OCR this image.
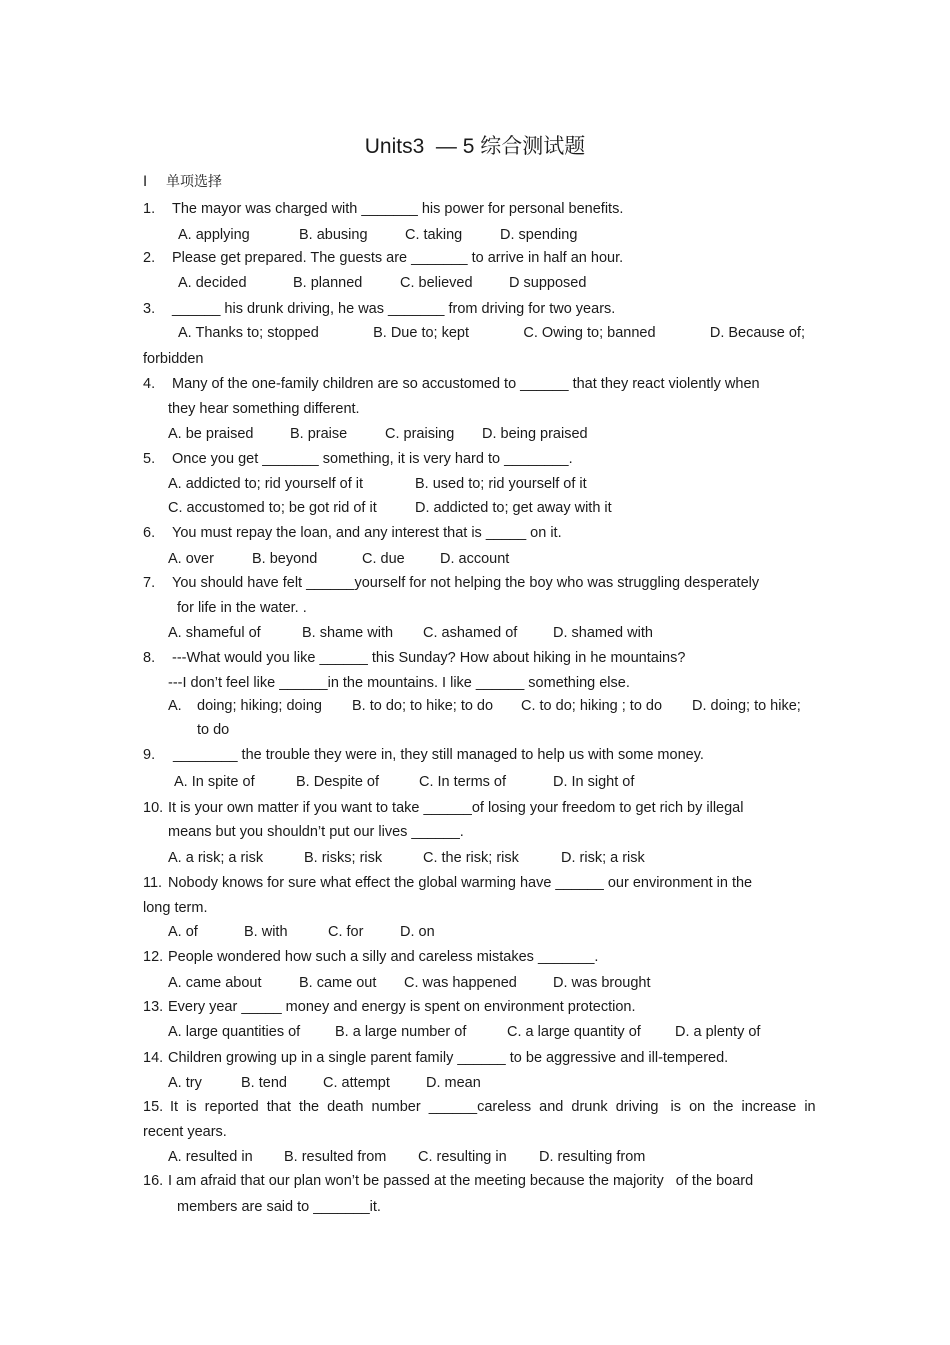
Units3  — 5 综合测试题
I 单项选择
1. The mayor was charged with _______ his power for personal benefits.
A. applying	B. abusing	C. taking	D. spending
2. Please get prepared. The guests are _______ to arrive in half an hour.
A. decided	B. planned	C. believed	D supposed
3. ______ his drunk driving, he was _______ from driving for two years.
A. Thanks to; stopped	B. Due to; kept	C. Owing to; banned	D. Because of;
forbidden
4. Many of the one-family children are so accustomed to ______ that they react violently when
they hear something different.
A. be praised	B. praise	C. praising D. being praised
5. Once you get _______ something, it is very hard to ________.
A. addicted to; rid yourself of it	B. used to; rid yourself of it
C. accustomed to; be got rid of it	D. addicted to; get away with it
6. You must repay the loan, and any interest that is _____ on it.
A. over	B. beyond	C. due D. account
7. You should have felt ______yourself for not helping the boy who was struggling desperately
for life in the water. .
A. shameful of	B. shame with C. ashamed of D. shamed with
8. ---What would you like ______ this Sunday? How about hiking in he mountains?
---I don’t feel like ______in the mountains. I like ______ something else.
A. doing; hiking; doing B. to do; to hike; to do C. to do; hiking ; to do D. doing; to hike;
to do
9. ________ the trouble they were in, they still managed to help us with some money.
A. In spite of	B. Despite of	C. In terms of	D. In sight of
10. It is your own matter if you want to take ______of losing your freedom to get rich by illegal
means but you shouldn’t put our lives ______.
A. a risk; a risk	B. risks; risk	C. the risk; risk	D. risk; a risk
11. Nobody knows for sure what effect the global warming have ______ our environment in the
long term.
A. of	B. with	C. for	D. on
12. People wondered how such a silly and careless mistakes _______.
A. came about	B. came out C. was happened D. was brought
13. Every year _____ money and energy is spent on environment protection.
A. large quantities of B. a large number of	C. a large quantity of D. a plenty of
14. Children growing up in a single parent family ______ to be aggressive and ill-tempered.
A. try	B. tend C. attempt D. mean
15. It  is  reported  that  the  death  number  ______careless  and  drunk  driving   is  on  the  increase  in
recent years.
A. resulted in B. resulted from C. resulting in D. resulting from
16. I am afraid that our plan won’t be passed at the meeting because the majority   of the board
members are said to _______it.
